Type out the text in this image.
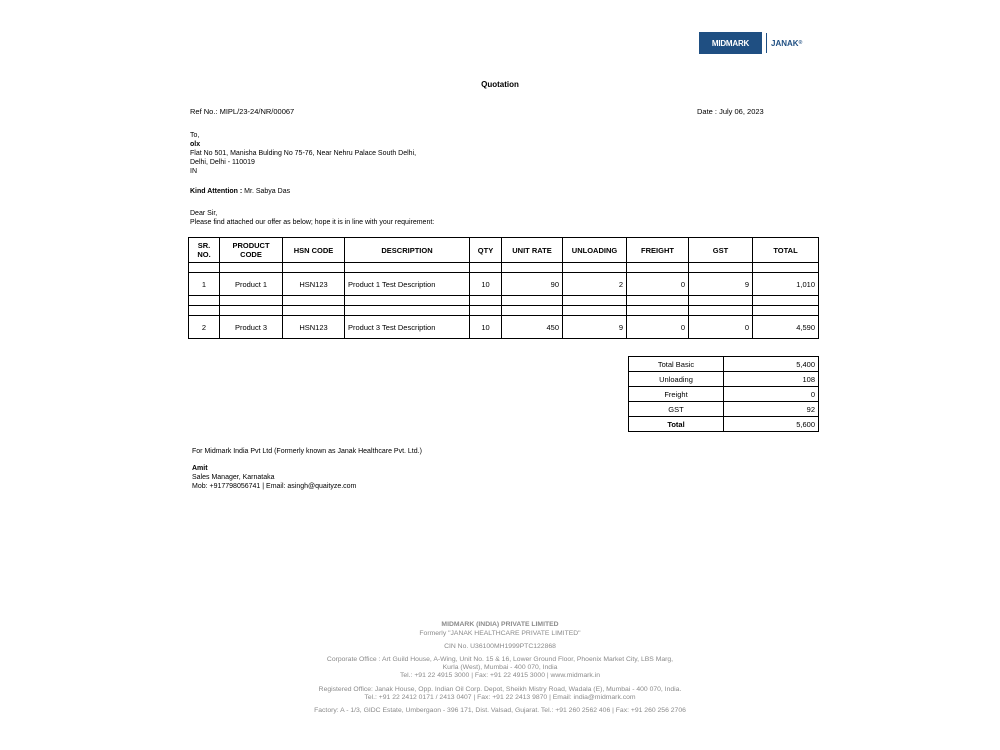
MIDMARK	JANAK ®
Quotation
Ref No.: MIPL/23-24/NR/00067	Date : July 06, 2023
To,
olx
Flat No 501, Manisha Bulding No 75-76, Near Nehru Palace South Delhi,
Delhi, Delhi - 110019
IN
Kind Attention : Mr. Sabya Das
Dear Sir,
Please find attached our offer as below; hope it is in line with your requirement:
SR. NO.	PRODUCT CODE	HSN CODE	DESCRIPTION	QTY	UNIT RATE	UNLOADING	FREIGHT	GST	TOTAL

1	Product 1	HSN123	Product 1 Test Description	10	90	2	0	9	1,010

2	Product 3	HSN123	Product 3 Test Description	10	450	9	0	0	4,590
Total Basic	5,400
Unloading	108
Freight	0
GST	92
Total	5,600
For Midmark India Pvt Ltd (Formerly known as Janak Healthcare Pvt. Ltd.)
Amit
Sales Manager, Karnataka
Mob: +917798056741 | Email: asingh@quaityze.com
MIDMARK (INDIA) PRIVATE LIMITED
Formerly "JANAK HEALTHCARE PRIVATE LIMITED"
CIN No. U36100MH1999PTC122868
Corporate Office : Art Guild House, A-Wing, Unit No. 15 & 16, Lower Ground Floor, Phoenix Market City, LBS Marg,
Kurla (West), Mumbai - 400 070, India
Tel.: +91 22 4915 3000 | Fax: +91 22 4915 3000 | www.midmark.in
Registered Office: Janak House, Opp. Indian Oil Corp. Depot, Sheikh Mistry Road, Wadala (E), Mumbai - 400 070, India.
Tel.: +91 22 2412 0171 / 2413 0407 | Fax: +91 22 2413 9870 | Email: india@midmark.com
Factory: A - 1/3, GIDC Estate, Umbergaon - 396 171, Dist. Valsad, Gujarat. Tel.: +91 260 2562 406 | Fax: +91 260 256 2706
